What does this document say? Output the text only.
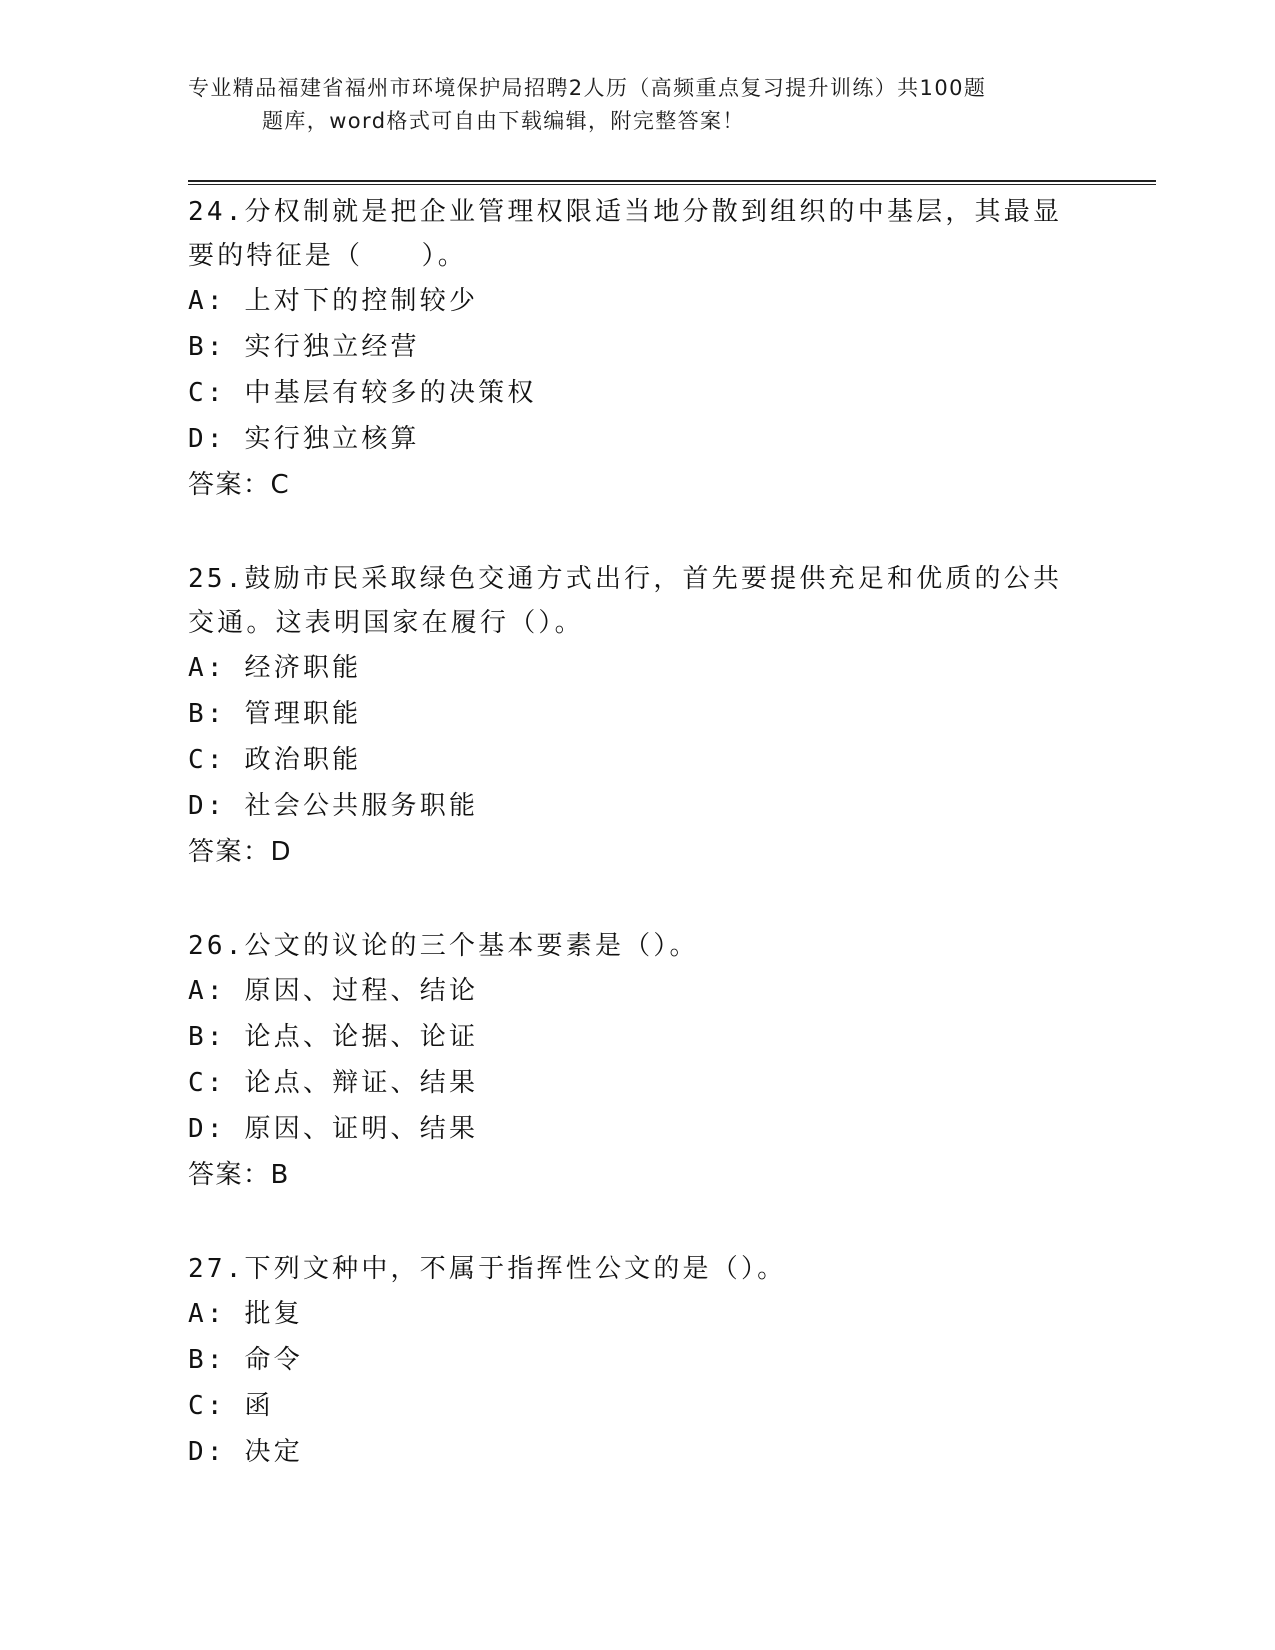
专业精品福建省福州市环境保护局招聘2人历（高频重点复习提升训练）共100题
题库，word格式可自由下载编辑，附完整答案！

24.分权制就是把企业管理权限适当地分散到组织的中基层，其最显要的特征是（　　）。

A: 上对下的控制较少

B: 实行独立经营

C: 中基层有较多的决策权

D: 实行独立核算

答案：C

25.鼓励市民采取绿色交通方式出行，首先要提供充足和优质的公共交通。这表明国家在履行（）。

A: 经济职能

B: 管理职能

C: 政治职能

D: 社会公共服务职能

答案：D

26.公文的议论的三个基本要素是（）。

A: 原因、过程、结论

B: 论点、论据、论证

C: 论点、辩证、结果

D: 原因、证明、结果

答案：B

27.下列文种中，不属于指挥性公文的是（）。

A: 批复

B: 命令

C: 函

D: 决定
